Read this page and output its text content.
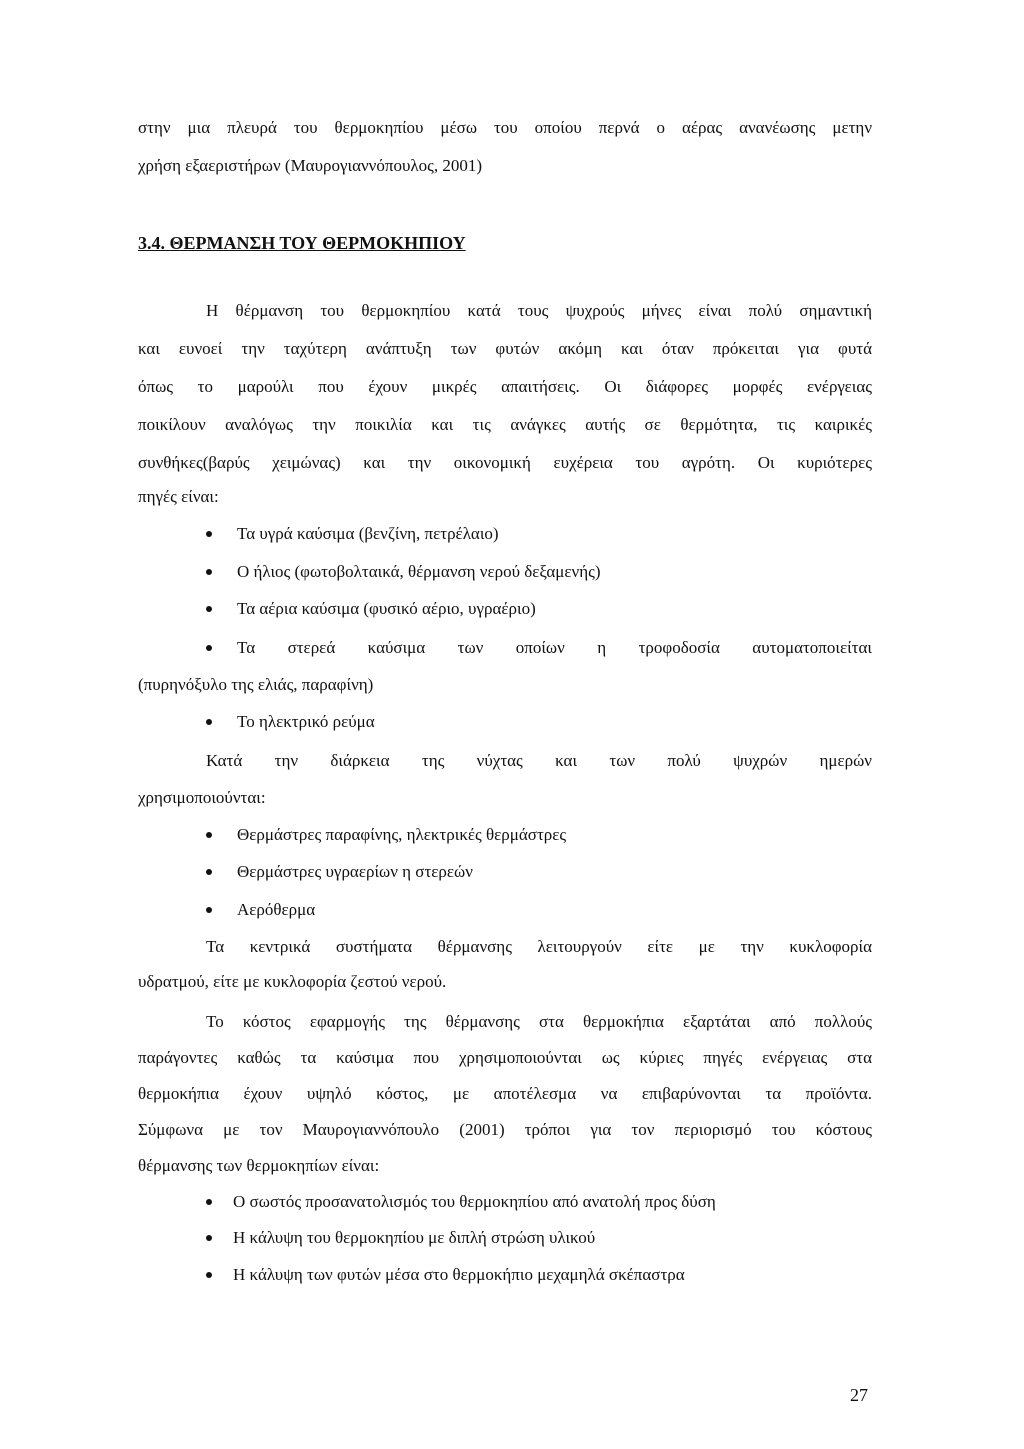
στην μια πλευρά του θερμοκηπίου μέσω του οποίου περνά ο αέρας ανανέωσης μετην
χρήση εξαεριστήρων (Μαυρογιαννόπουλος, 2001)
3.4. ΘΕΡΜΑΝΣΗ ΤΟΥ ΘΕΡΜΟΚΗΠΙΟΥ
Η θέρμανση του θερμοκηπίου κατά τους ψυχρούς μήνες είναι πολύ σημαντική
και ευνοεί την ταχύτερη ανάπτυξη των φυτών ακόμη και όταν πρόκειται για φυτά
όπως το μαρούλι που έχουν μικρές απαιτήσεις. Οι διάφορες μορφές ενέργειας
ποικίλουν αναλόγως την ποικιλία και τις ανάγκες αυτής σε θερμότητα, τις καιρικές
συνθήκες(βαρύς χειμώνας) και την οικονομική ευχέρεια του αγρότη. Οι κυριότερες
πηγές είναι:
Τα υγρά καύσιμα (βενζίνη, πετρέλαιο)
Ο ήλιος (φωτοβολταικά, θέρμανση νερού δεξαμενής)
Τα αέρια καύσιμα (φυσικό αέριο, υγραέριο)
Τα στερεά καύσιμα των οποίων η τροφοδοσία αυτοματοποιείται
(πυρηνόξυλο της ελιάς, παραφίνη)
Το ηλεκτρικό ρεύμα
Κατά την διάρκεια της νύχτας και των πολύ ψυχρών ημερών
χρησιμοποιούνται:
Θερμάστρες παραφίνης, ηλεκτρικές θερμάστρες
Θερμάστρες υγραερίων η στερεών
Αερόθερμα
Τα κεντρικά συστήματα θέρμανσης λειτουργούν είτε με την κυκλοφορία
υδρατμού, είτε με κυκλοφορία ζεστού νερού.
Το κόστος εφαρμογής της θέρμανσης στα θερμοκήπια εξαρτάται από πολλούς
παράγοντες καθώς τα καύσιμα που χρησιμοποιούνται ως κύριες πηγές ενέργειας στα
θερμοκήπια έχουν υψηλό κόστος, με αποτέλεσμα να επιβαρύνονται τα προϊόντα.
Σύμφωνα με τον Μαυρογιαννόπουλο (2001) τρόποι για τον περιορισμό του κόστους
θέρμανσης των θερμοκηπίων είναι:
Ο σωστός προσανατολισμός του θερμοκηπίου από ανατολή προς δύση
Η κάλυψη του θερμοκηπίου με διπλή στρώση υλικού
Η κάλυψη των φυτών μέσα στο θερμοκήπιο μεχαμηλά σκέπαστρα
27
